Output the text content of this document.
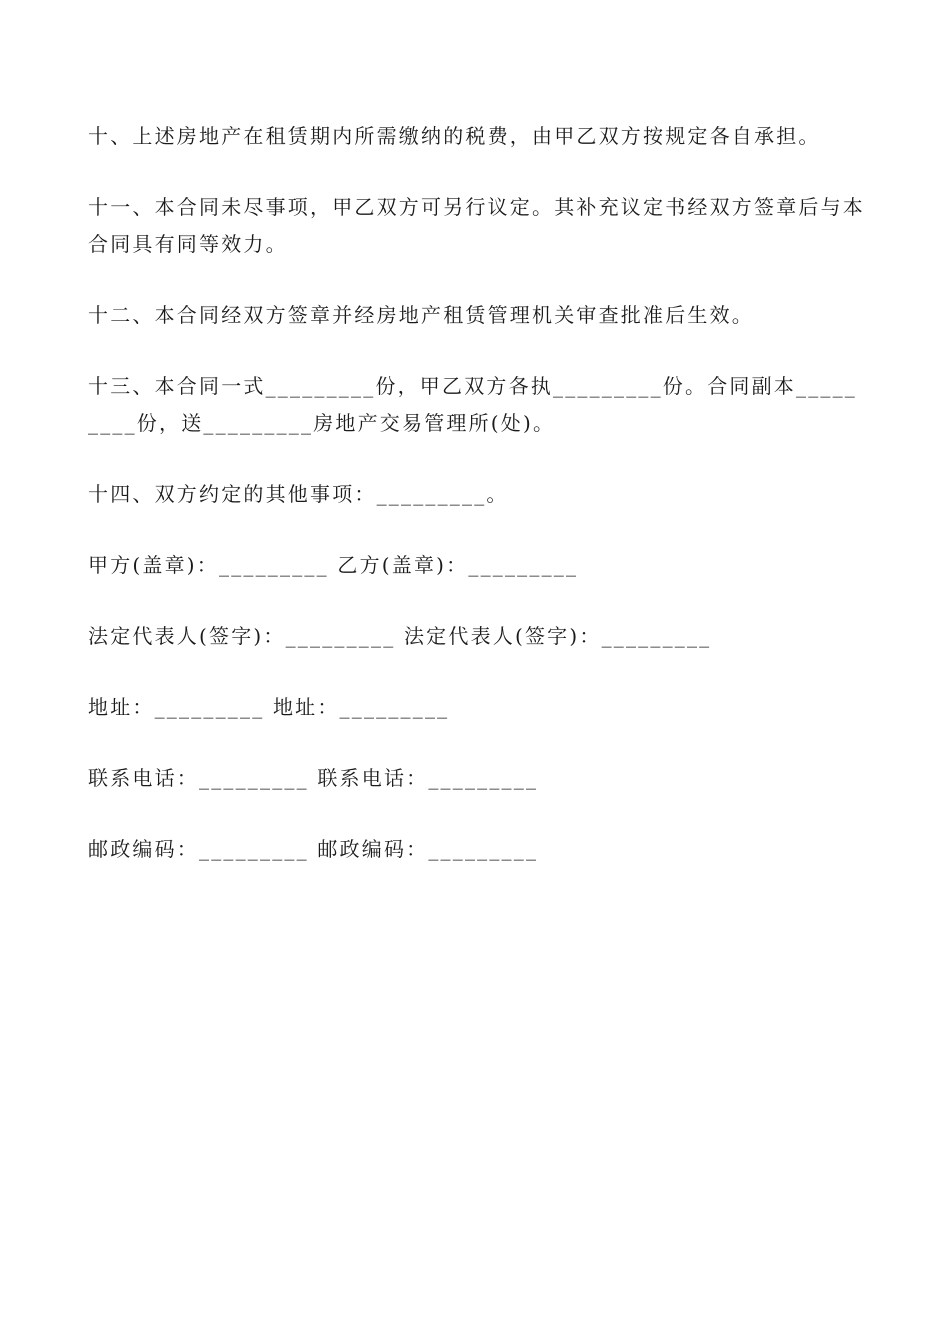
十、上述房地产在租赁期内所需缴纳的税费，由甲乙双方按规定各自承担。

十一、本合同未尽事项，甲乙双方可另行议定。其补充议定书经双方签章后与本合同具有同等效力。

十二、本合同经双方签章并经房地产租赁管理机关审查批准后生效。

十三、本合同一式_________份，甲乙双方各执_________份。合同副本_________份，送_________房地产交易管理所(处)。

十四、双方约定的其他事项：_________。

甲方(盖章)：_________ 乙方(盖章)：_________

法定代表人(签字)：_________ 法定代表人(签字)：_________

地址：_________ 地址：_________

联系电话：_________ 联系电话：_________

邮政编码：_________ 邮政编码：_________
